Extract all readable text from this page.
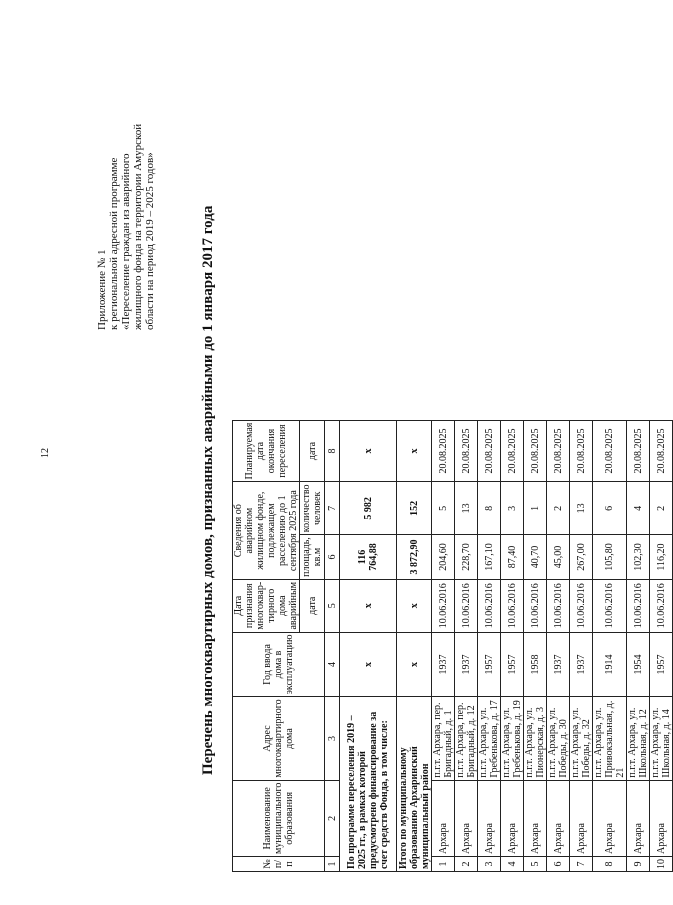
12
Приложение № 1 к региональной адресной программе «Переселение граждан из аварийного жилищного фонда на территории Амурской области на период 2019 – 2025 годов»	Перечень многоквартирных домов, признанных аварийными до 1 января 2017 года
№ п/п	Наименование муниципального образования	Адрес многоквартирного дома	Год ввода дома в эксплуатацию	Дата признания многоквар-тирного дома аварийным	Сведения об аварийном жилищном фонде, подлежащем расселению до 1 сентября 2025 года		Планируемая дата окончания переселения
				дата	площадь, кв.м	количество человек	дата
1	2	3	4	5	6	7	8
По программе переселения 2019 – 2025 гг., в рамках которой предусмотрено финансирование за счет средств Фонда, в том числе:			x	x	116 764,88	5 982	x
Итого по муниципальному образованию Архаринский муниципальный район			x	x	3 872,90	152	x
1	Архара	п.г.т. Архара, пер. Бригадный, д. 1	1937	10.06.2016	204,60	5	20.08.2025
2	Архара	п.г.т. Архара, пер. Бригадный, д. 12	1937	10.06.2016	228,70	13	20.08.2025
3	Архара	п.г.т. Архара, ул. Гребенькова, д. 17	1957	10.06.2016	167,10	8	20.08.2025
4	Архара	п.г.т. Архара, ул. Гребенькова, д. 19	1957	10.06.2016	87,40	3	20.08.2025
5	Архара	п.г.т. Архара, ул. Пионерская, д. 3	1958	10.06.2016	40,70	1	20.08.2025
6	Архара	п.г.т. Архара, ул. Победы, д. 30	1937	10.06.2016	45,00	2	20.08.2025
7	Архара	п.г.т. Архара, ул. Победы, д. 32	1937	10.06.2016	267,00	13	20.08.2025
8	Архара	п.г.т. Архара, ул. Привокзальная, д. 21	1914	10.06.2016	105,80	6	20.08.2025
9	Архара	п.г.т. Архара, ул. Школьная, д. 12	1954	10.06.2016	102,30	4	20.08.2025
10	Архара	п.г.т. Архара, ул. Школьная, д. 14	1957	10.06.2016	116,20	2	20.08.2025
